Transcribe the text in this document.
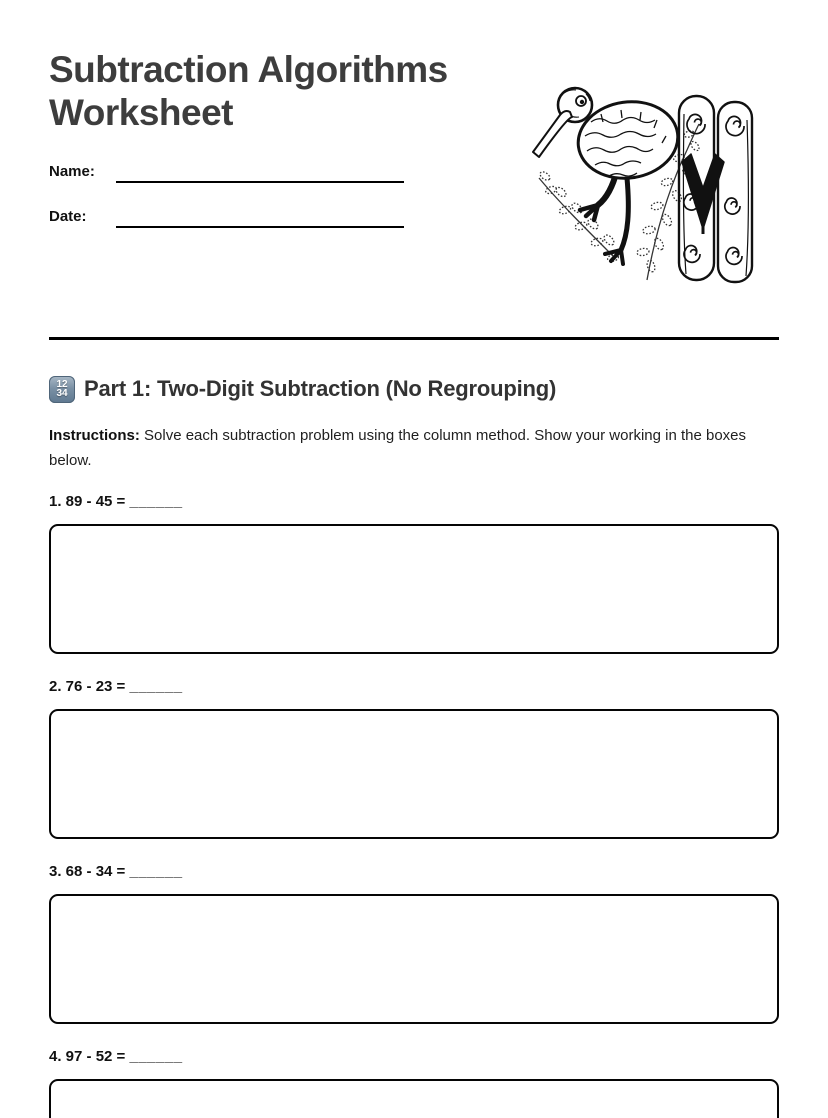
Subtraction Algorithms Worksheet
Name:
Date:
12
34 Part 1: Two-Digit Subtraction (No Regrouping)

Instructions: Solve each subtraction problem using the column method. Show your working in the boxes below.

1. 89 - 45 = ______

2. 76 - 23 = ______

3. 68 - 34 = ______

4. 97 - 52 = ______
